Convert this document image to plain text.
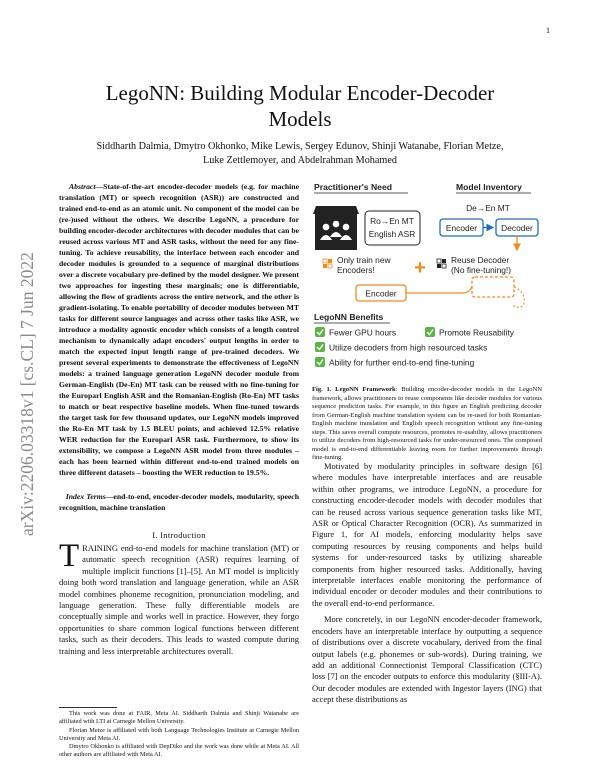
1
arXiv:2206.03318v1 [cs.CL] 7 Jun 2022
LegoNN: Building Modular Encoder-Decoder
Models
Siddharth Dalmia, Dmytro Okhonko, Mike Lewis, Sergey Edunov, Shinji Watanabe, Florian Metze,
Luke Zettlemoyer, and Abdelrahman Mohamed
Abstract—State-of-the-art encoder-decoder models (e.g. for machine translation (MT) or speech recognition (ASR)) are constructed and trained end-to-end as an atomic unit. No component of the model can be (re-)used without the others. We describe LegoNN, a procedure for building encoder-decoder architectures with decoder modules that can be reused across various MT and ASR tasks, without the need for any fine-tuning. To achieve reusability, the interface between each encoder and decoder modules is grounded to a sequence of marginal distributions over a discrete vocabulary pre-defined by the model designer. We present two approaches for ingesting these marginals; one is differentiable, allowing the flow of gradients across the entire network, and the other is gradient-isolating. To enable portability of decoder modules between MT tasks for different source languages and across other tasks like ASR, we introduce a modality agnostic encoder which consists of a length control mechanism to dynamically adapt encoders' output lengths in order to match the expected input length range of pre-trained decoders. We present several experiments to demonstrate the effectiveness of LegoNN models: a trained language generation LegoNN decoder module from German-English (De-En) MT task can be reused with no fine-tuning for the Europarl English ASR and the Romanian-English (Ro-En) MT tasks to match or beat respective baseline models. When fine-tuned towards the target task for few thousand updates, our LegoNN models improved the Ro-En MT task by 1.5 BLEU points, and achieved 12.5% relative WER reduction for the Europarl ASR task. Furthermore, to show its extensibility, we compose a LegoNN ASR model from three modules – each has been learned within different end-to-end trained models on three different datasets – boosting the WER reduction to 19.5%.
Index Terms—end-to-end, encoder-decoder models, modularity, speech recognition, machine translation
I. Introduction
TRAINING end-to-end models for machine translation (MT) or automatic speech recognition (ASR) requires learning of multiple implicit functions [1]–[5]. An MT model is implicitly doing both word translation and language generation, while an ASR model combines phoneme recognition, pronunciation modeling, and language generation. These fully differentiable models are conceptually simple and works well in practice. However, they forgo opportunities to share common logical functions between different tasks, such as their decoders. This leads to wasted compute during training and less interpretable architectures overall.

This work was done at FAIR, Meta AI. Siddharth Dalmia and Shinji Watanabe are affiliated with LTI at Carnegie Mellon University.

Florian Metze is affiliated with both Language Technologies Institute at Carnegie Mellon University and Meta AI.

Dmytro Okhonko is affiliated with DepDiko and the work was done while at Meta AI. All other authors are affiliated with Meta AI.

Practitioner's Need	Model Inventory
Ro→En MT
English ASR
De→En MT
Encoder	Decoder
Only train new
Encoders! +	Reuse Decoder
(No fine-tuning!)
Encoder
LegoNN Benefits
Fewer GPU hours	Promote Reusability
Utilize decoders from high resourced tasks
Ability for further end-to-end fine-tuning
Fig. 1. LegoNN Framework: Building encoder-decoder models in the LegoNN framework, allows practitioners to reuse components like decoder modules for various sequence prediction tasks. For example, in this figure an English predicting decoder from German-English machine translation system can be re-used for both Romanian-English machine translation and English speech recognition without any fine-tuning steps. This saves overall compute resources, promotes re-usability, allows practitioners to utilize decoders from high-resourced tasks for under-resourced ones. The composed model is end-to-end differentiable leaving room for further improvements through fine-tuning.

Motivated by modularity principles in software design [6] where modules have interpretable interfaces and are reusable within other programs, we introduce LegoNN, a procedure for constructing encoder-decoder models with decoder modules that can be reused across various sequence generation tasks like MT, ASR or Optical Character Recognition (OCR). As summarized in Figure 1, for AI models, enforcing modularity helps save computing resources by reusing components and helps build systems for under-resourced tasks by utilizing shareable components from higher resourced tasks. Additionally, having interpretable interfaces enable monitoring the performance of individual encoder or decoder modules and their contributions to the overall end-to-end performance.

More concretely, in our LegoNN encoder-decoder framework, encoders have an interpretable interface by outputting a sequence of distributions over a discrete vocabulary, derived from the final output labels (e.g. phonemes or sub-words). During training, we add an additional Connectionist Temporal Classification (CTC) loss [7] on the encoder outputs to enforce this modularity (§III-A). Our decoder modules are extended with Ingestor layers (ING) that accept these distributions as
